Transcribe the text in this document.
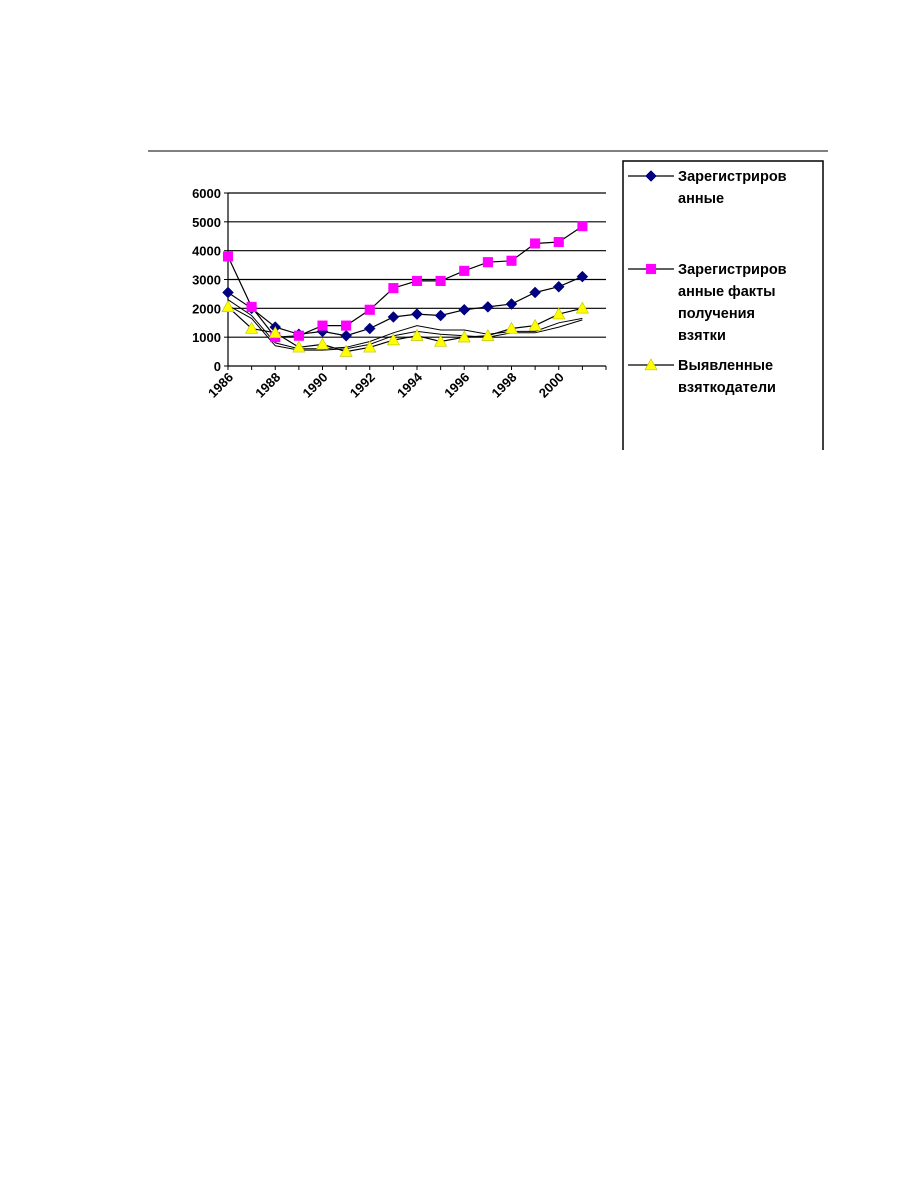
0
1000
2000
3000
4000
5000
6000
1986 1988 1990 1992 1994 1996 1998 2000
Зарегистриров
анные
Зарегистриров
анные факты
получения
взятки
Выявленные
взяткодатели
